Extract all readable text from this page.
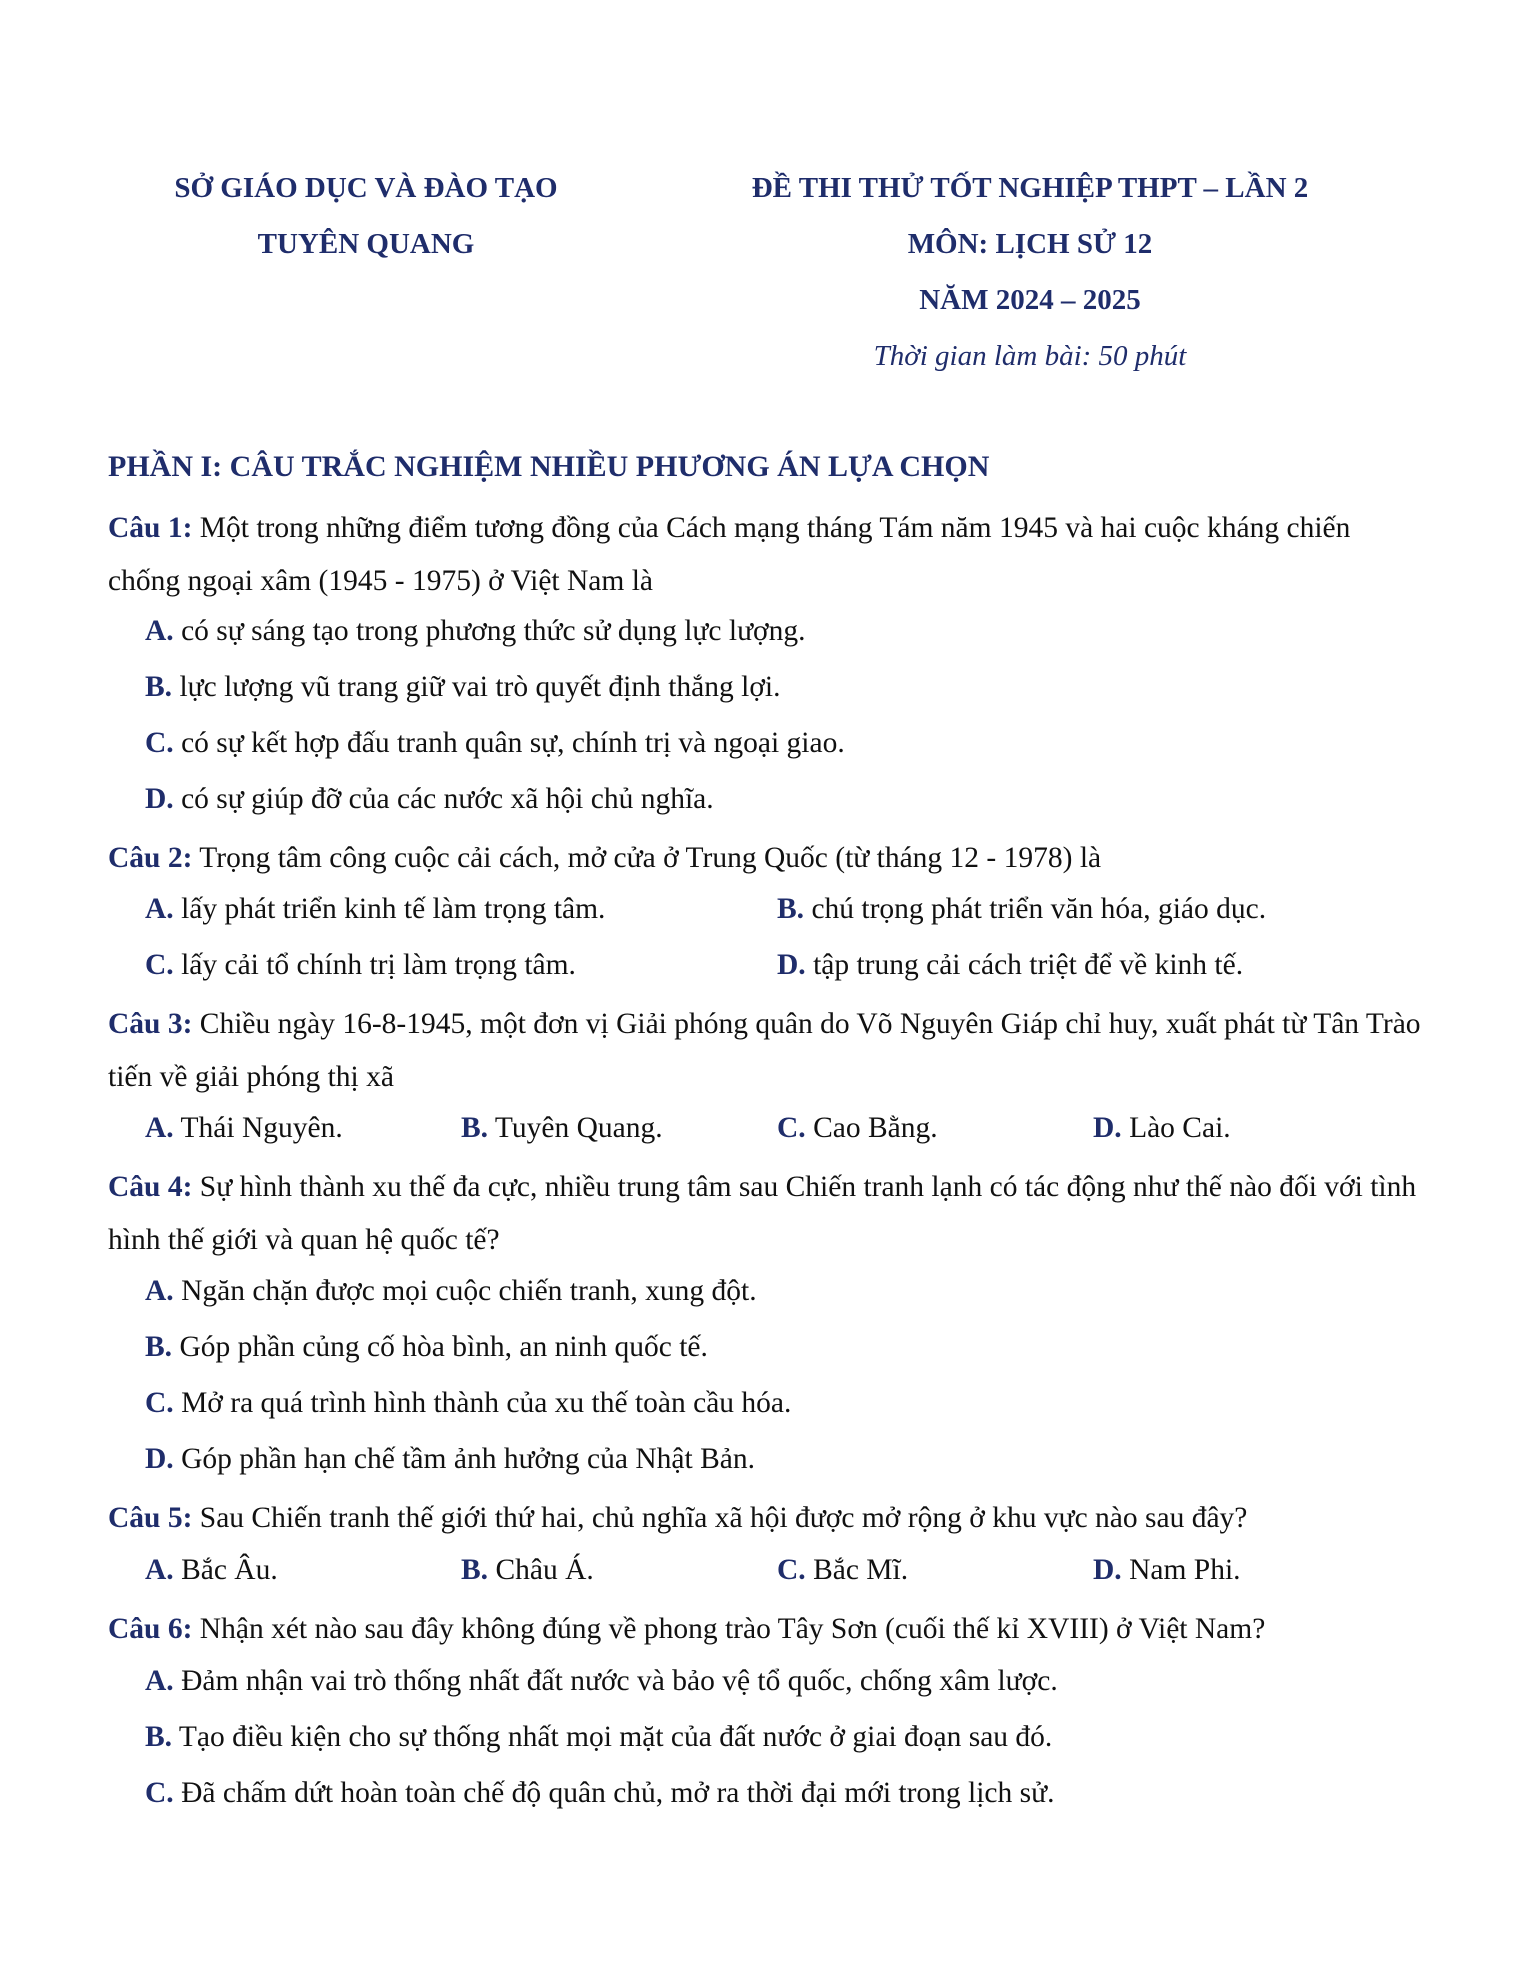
SỞ GIÁO DỤC VÀ ĐÀO TẠO
TUYÊN QUANG
ĐỀ THI THỬ TỐT NGHIỆP THPT – LẦN 2
MÔN: LỊCH SỬ 12
NĂM 2024 – 2025
Thời gian làm bài: 50 phút
PHẦN I: CÂU TRẮC NGHIỆM NHIỀU PHƯƠNG ÁN LỰA CHỌN
Câu 1: Một trong những điểm tương đồng của Cách mạng tháng Tám năm 1945 và hai cuộc kháng chiến chống ngoại xâm (1945 - 1975) ở Việt Nam là
A. có sự sáng tạo trong phương thức sử dụng lực lượng.
B. lực lượng vũ trang giữ vai trò quyết định thắng lợi.
C. có sự kết hợp đấu tranh quân sự, chính trị và ngoại giao.
D. có sự giúp đỡ của các nước xã hội chủ nghĩa.
Câu 2: Trọng tâm công cuộc cải cách, mở cửa ở Trung Quốc (từ tháng 12 - 1978) là
A. lấy phát triển kinh tế làm trọng tâm.	B. chú trọng phát triển văn hóa, giáo dục.
C. lấy cải tổ chính trị làm trọng tâm.	D. tập trung cải cách triệt để về kinh tế.
Câu 3: Chiều ngày 16-8-1945, một đơn vị Giải phóng quân do Võ Nguyên Giáp chỉ huy, xuất phát từ Tân Trào tiến về giải phóng thị xã
A. Thái Nguyên.	B. Tuyên Quang.	C. Cao Bằng.	D. Lào Cai.
Câu 4: Sự hình thành xu thế đa cực, nhiều trung tâm sau Chiến tranh lạnh có tác động như thế nào đối với tình hình thế giới và quan hệ quốc tế?
A. Ngăn chặn được mọi cuộc chiến tranh, xung đột.
B. Góp phần củng cố hòa bình, an ninh quốc tế.
C. Mở ra quá trình hình thành của xu thế toàn cầu hóa.
D. Góp phần hạn chế tầm ảnh hưởng của Nhật Bản.
Câu 5: Sau Chiến tranh thế giới thứ hai, chủ nghĩa xã hội được mở rộng ở khu vực nào sau đây?
A. Bắc Âu.	B. Châu Á.	C. Bắc Mĩ.	D. Nam Phi.
Câu 6: Nhận xét nào sau đây không đúng về phong trào Tây Sơn (cuối thế kỉ XVIII) ở Việt Nam?
A. Đảm nhận vai trò thống nhất đất nước và bảo vệ tổ quốc, chống xâm lược.
B. Tạo điều kiện cho sự thống nhất mọi mặt của đất nước ở giai đoạn sau đó.
C. Đã chấm dứt hoàn toàn chế độ quân chủ, mở ra thời đại mới trong lịch sử.
